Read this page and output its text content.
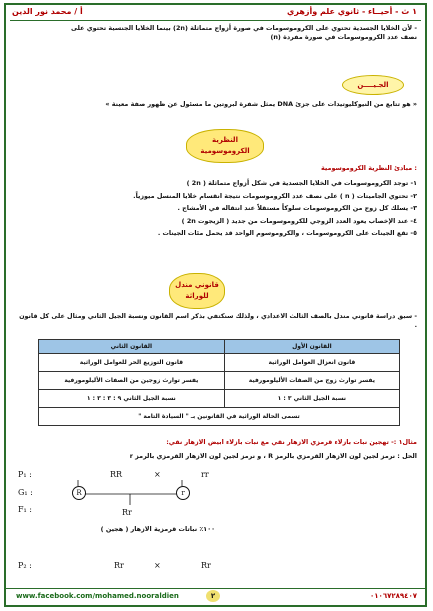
أ / محمد نور الدين	١ ث - أحيــاء - ثانوي علم وأزهري
- لأن الخلايا الجسدية تحتوي على الكروموسومات في صورة أزواج متماثلة (2n) بينما الخلايا الجنسية تحتوي على
نصف عدد الكروموسومات في صورة مفردة (n)
الجـيــــن
« هو تتابع من النيوكليوتيدات على جزئ DNA يمثل شفرة لبروتين ما مسئول عن ظهور صفة معينة »
النظرية الكروموسومية
: مبادئ النظرية الكروموسومية
١- توجد الكروموسومات في الخلايا الجسدية في شكل أزواج متماثلة ( 2n )
٢- تحتوي الجاميتات ( n ) على نصف عدد الكروموسومات نتيجة انقسام خلايا المنسل ميوزياً.
٣- يسلك كل زوج من الكروموسومات سلوكاً مستقلاً عند انتقاله في الأمشاج .
٤- عند الإخصاب يعود العدد الزوجي للكروموسومات من جديد ( الزيجوت 2n )
٥- تقع الجينات على الكروموسومات ، والكروموسوم الواحد قد يحمل مئات الجينات .
قانوني مندل للوراثة
- سبق دراسة قانوني مندل بالصف الثالث الاعدادي ، ولذلك سنكتفي بذكر اسم القانون ونسبة الجيل الثاني ومثال على كل قانون .
القانون الأول	القانون الثاني
قانون انعزال العوامل الوراثية	قانون التوزيع الحر للعوامل الوراثية
يفسر توارث زوج من الصفات الأليلومورفية	يفسر توارث زوجين من الصفات الأليلومورفية
نسبة الجيل الثاني ٣ : ١	نسبة الجيل الثاني ٩ : ٣ : ٣ : ١
تسمى الحالة الوراثية في القانونين بـ " السيادة التامة "	
مثال١ :- تهجين نبات بازلاء قرمزي الازهار نقي مع نبات بازلاء ابيض الازهار نقي:
الحل : نرمز لجين لون الازهار القرمزي بالرمز R ، و نرمز لجين لون الازهار القرمزي بالرمز r
P₁ :	RR	×	rr
G₁ :	R	r
F₁ :	Rr
١٠٠٪ نباتات قرمزية الازهار ( هجين )
P₂ :	Rr	×	Rr
www.facebook.com/mohamed.nooraldien	٢	٠١٠٦٧٢٨٩٤٠٧
